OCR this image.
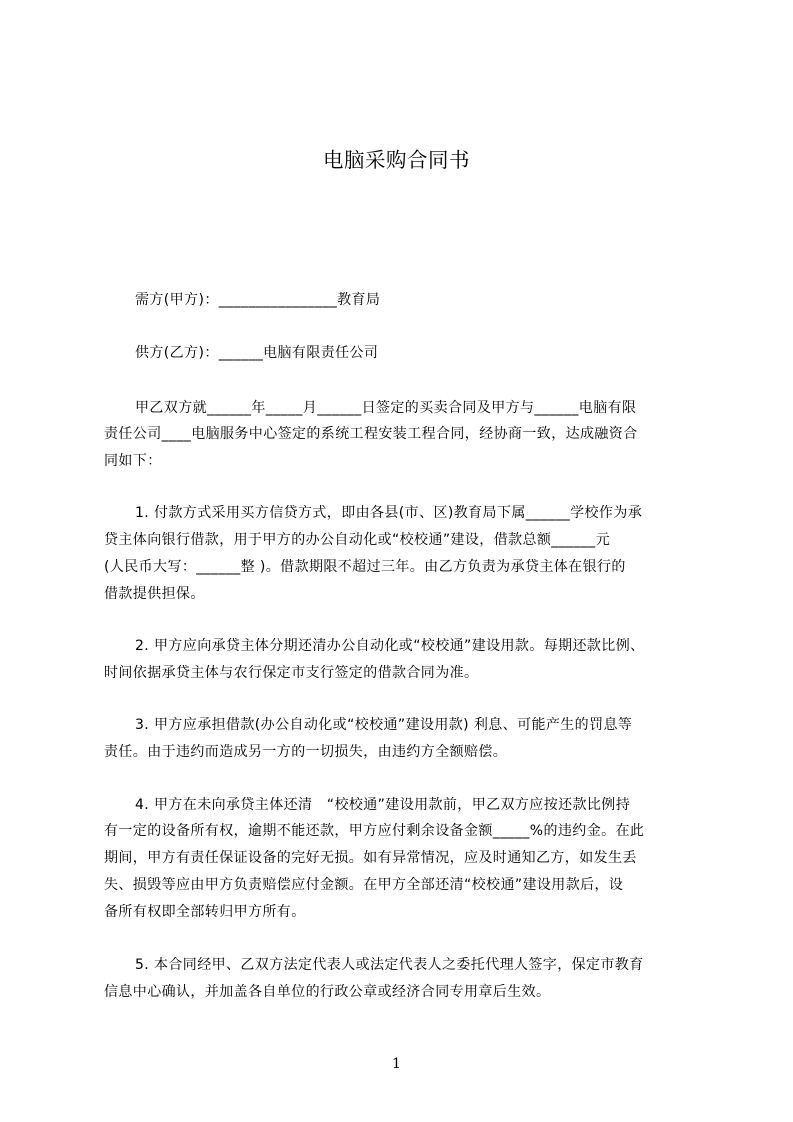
电脑采购合同书
需方(甲方)：________________教育局
供方(乙方)：______电脑有限责任公司
甲乙双方就______年_____月______日签定的买卖合同及甲方与______电脑有限
责任公司____电脑服务中心签定的系统工程安装工程合同，经协商一致，达成融资合
同如下：
1. 付款方式采用买方信贷方式，即由各县(市、区)教育局下属______学校作为承
贷主体向银行借款，用于甲方的办公自动化或“校校通”建设，借款总额______元
(人民币大写：______整 )。借款期限不超过三年。由乙方负责为承贷主体在银行的
借款提供担保。
2. 甲方应向承贷主体分期还清办公自动化或“校校通”建设用款。每期还款比例、
时间依据承贷主体与农行保定市支行签定的借款合同为准。
3. 甲方应承担借款(办公自动化或“校校通”建设用款) 利息、可能产生的罚息等
责任。由于违约而造成另一方的一切损失，由违约方全额赔偿。
4. 甲方在未向承贷主体还清　“校校通”建设用款前，甲乙双方应按还款比例持
有一定的设备所有权，逾期不能还款，甲方应付剩余设备金额_____%的违约金。在此
期间，甲方有责任保证设备的完好无损。如有异常情况，应及时通知乙方，如发生丢
失、损毁等应由甲方负责赔偿应付金额。在甲方全部还清“校校通”建设用款后，设
备所有权即全部转归甲方所有。
5. 本合同经甲、乙双方法定代表人或法定代表人之委托代理人签字，保定市教育
信息中心确认，并加盖各自单位的行政公章或经济合同专用章后生效。
1
